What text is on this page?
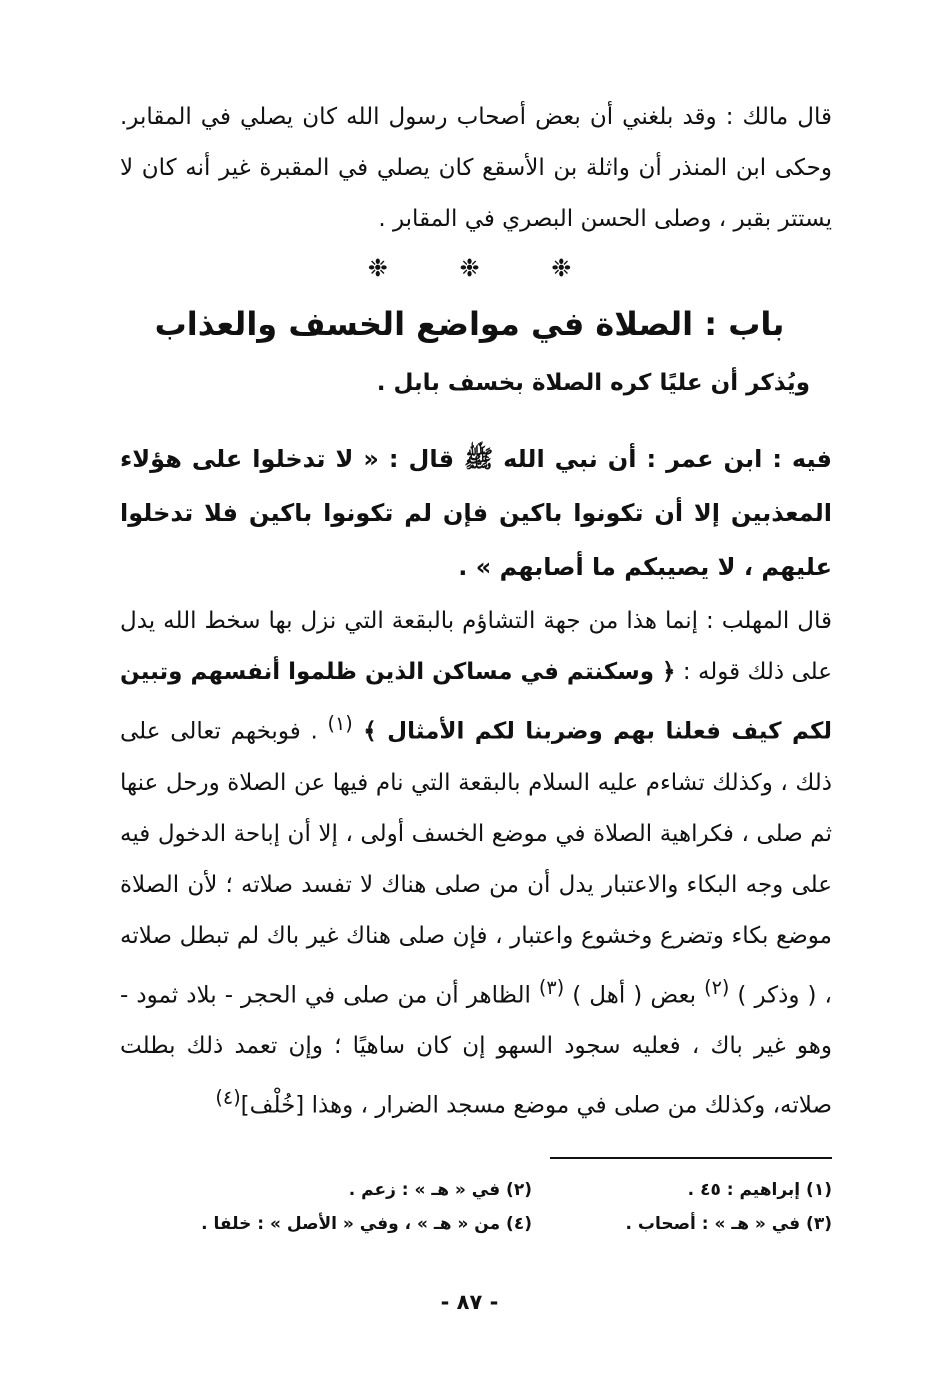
قال مالك : وقد بلغني أن بعض أصحاب رسول الله كان يصلي في المقابر. وحكى ابن المنذر أن واثلة بن الأسقع كان يصلي في المقبرة غير أنه كان لا يستتر بقبر ، وصلى الحسن البصري في المقابر .

❉	❉	❉
باب : الصلاة في مواضع الخسف والعذاب

ويُذكر أن عليًا كره الصلاة بخسف بابل .

فيه : ابن عمر : أن نبي الله ﷺ قال : « لا تدخلوا على هؤلاء المعذبين إلا أن تكونوا باكين فإن لم تكونوا باكين فلا تدخلوا عليهم ، لا يصيبكم ما أصابهم » .

قال المهلب : إنما هذا من جهة التشاؤم بالبقعة التي نزل بها سخط الله يدل على ذلك قوله : ﴿ وسكنتم في مساكن الذين ظلموا أنفسهم وتبين لكم كيف فعلنا بهم وضربنا لكم الأمثال ﴾ $^{(١)}$ . فوبخهم تعالى على ذلك ، وكذلك تشاءم عليه السلام بالبقعة التي نام فيها عن الصلاة ورحل عنها ثم صلى ، فكراهية الصلاة في موضع الخسف أولى ، إلا أن إباحة الدخول فيه على وجه البكاء والاعتبار يدل أن من صلى هناك لا تفسد صلاته ؛ لأن الصلاة موضع بكاء وتضرع وخشوع واعتبار ، فإن صلى هناك غير باك لم تبطل صلاته ، ( وذكر ) $^{(٢)}$ بعض ( أهل ) $^{(٣)}$ الظاهر أن من صلى في الحجر - بلاد ثمود - وهو غير باك ، فعليه سجود السهو إن كان ساهيًا ؛ وإن تعمد ذلك بطلت صلاته، وكذلك من صلى في موضع مسجد الضرار ، وهذا [خُلْف]$^{(٤)}$

(١) إبراهيم : ٤٥ .
(٢) في « هـ » : زعم .
(٣) في « هـ » : أصحاب .
(٤) من « هـ » ، وفي « الأصل » : خلفا .
- ٨٧ -
